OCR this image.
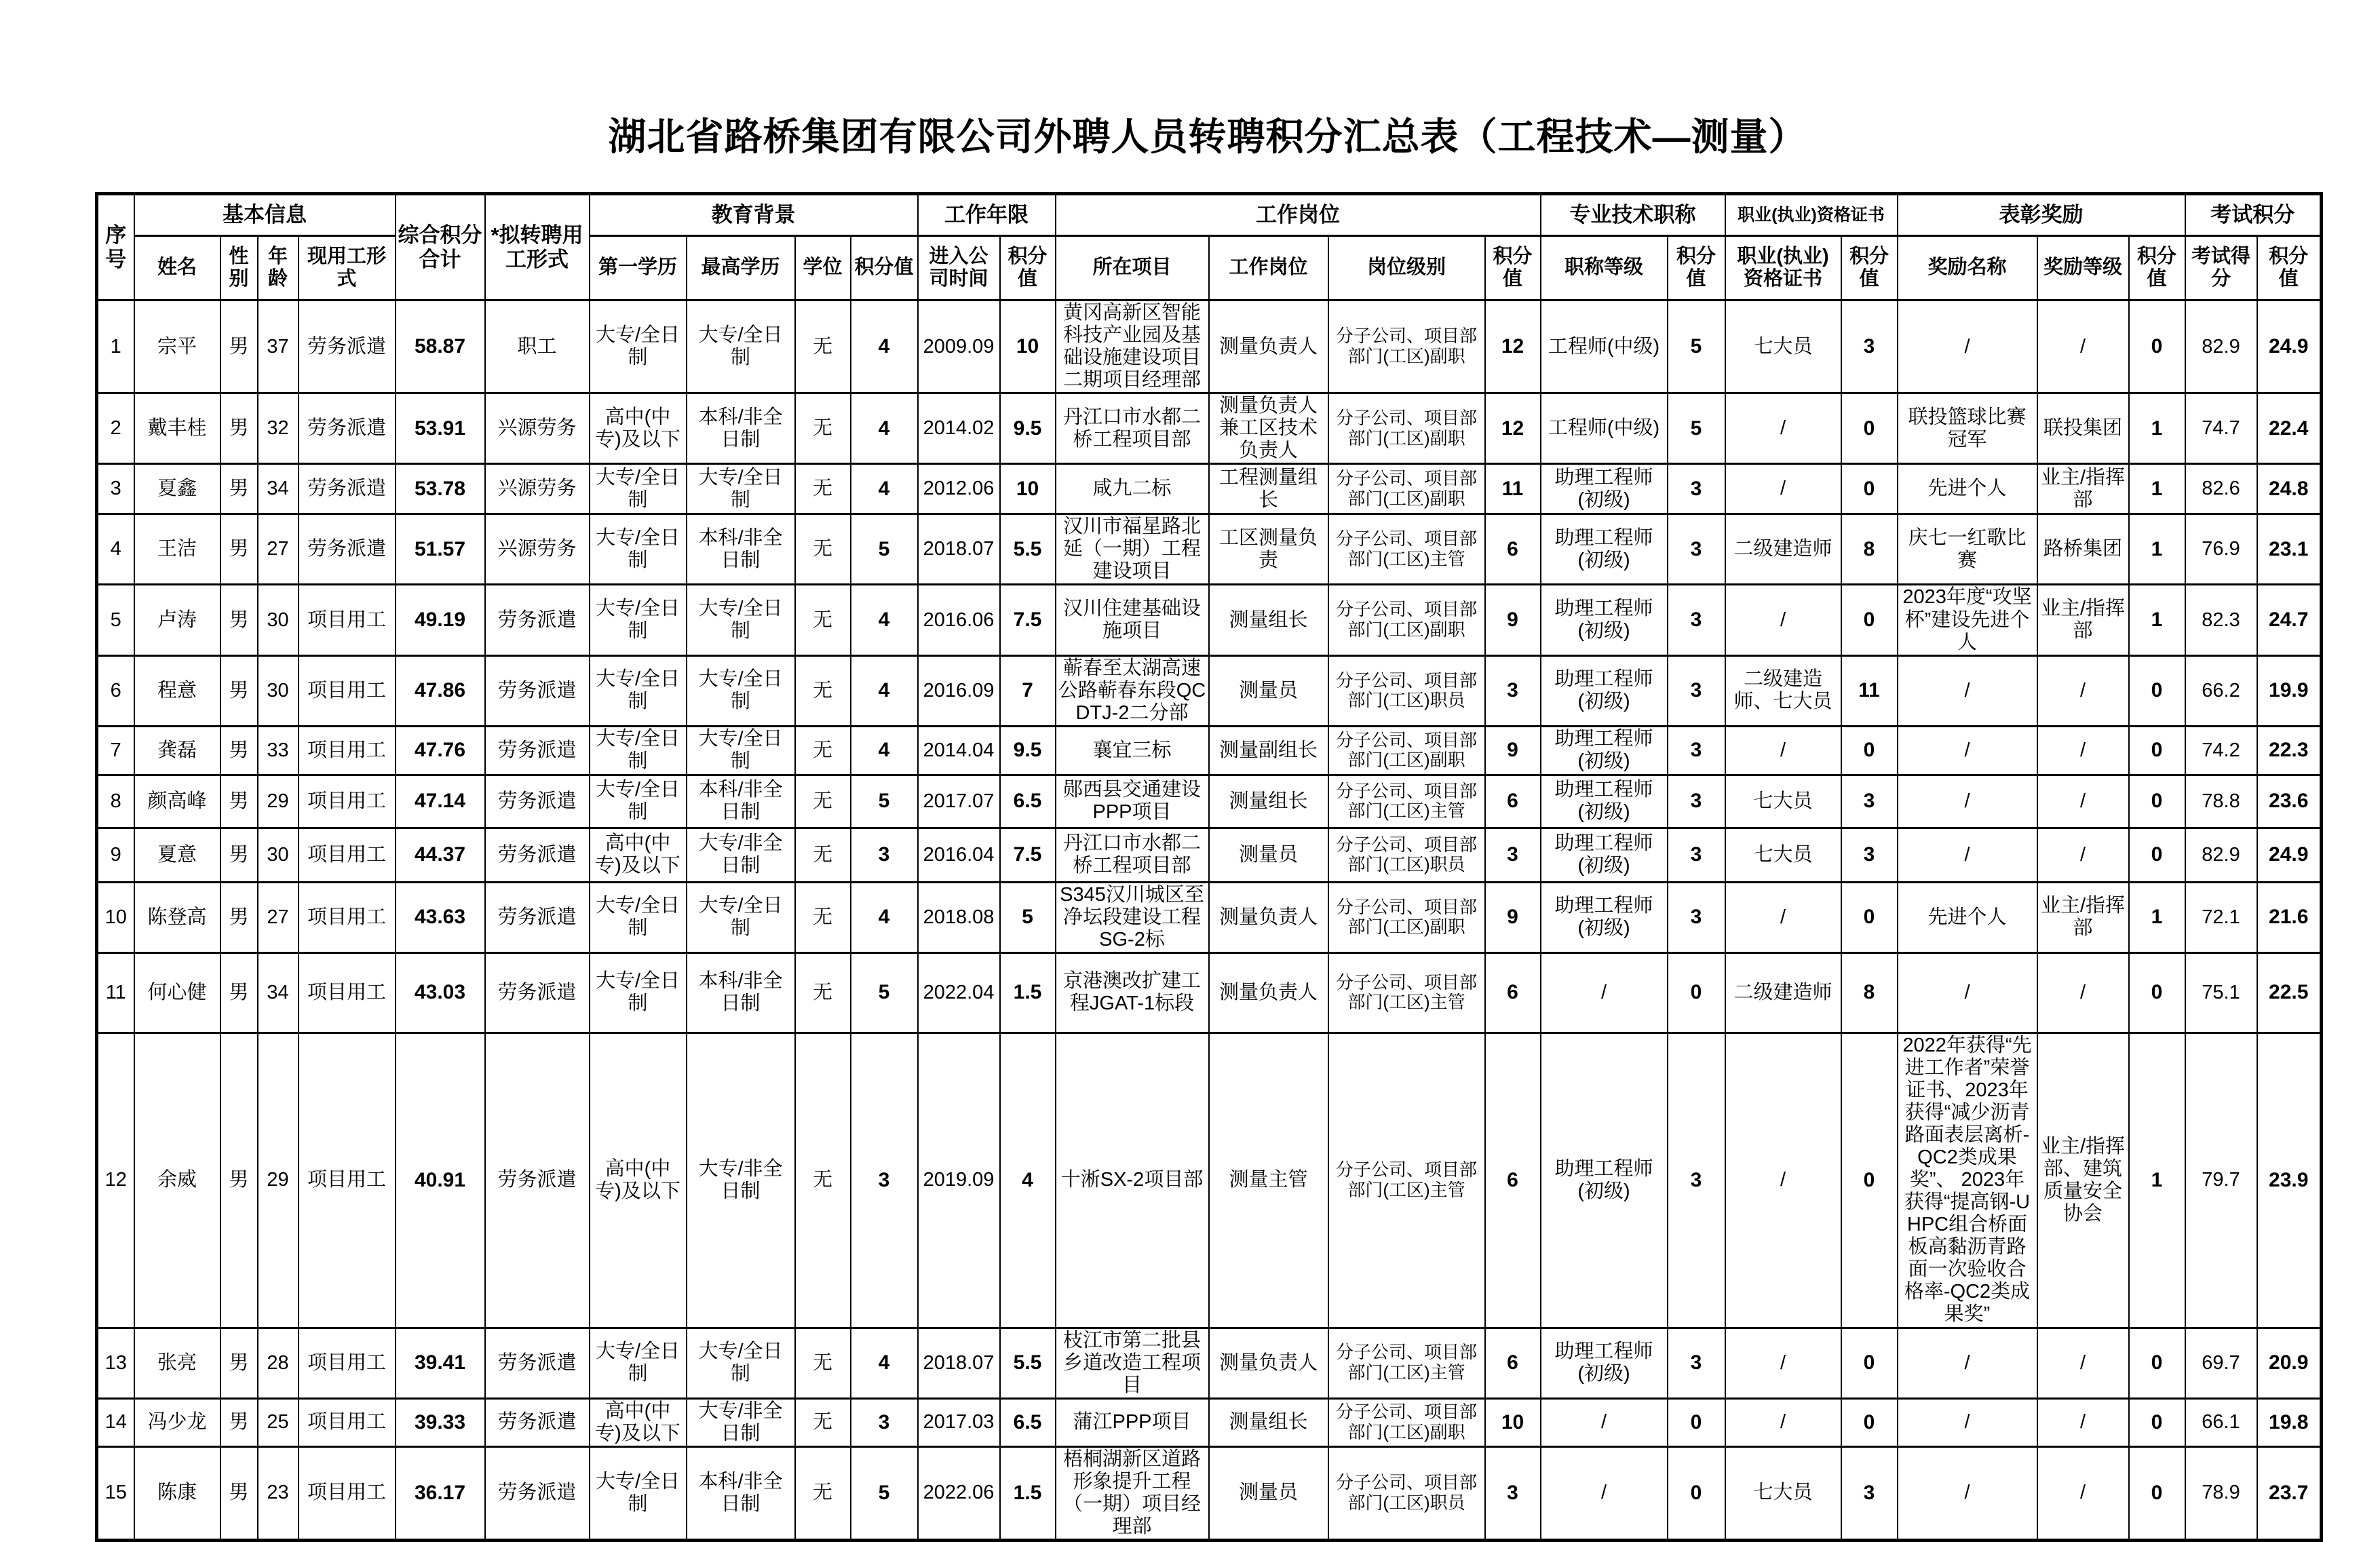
湖北省路桥集团有限公司外聘人员转聘积分汇总表（工程技术—测量）
序号	基本信息				综合积分合计	*拟转聘用工形式	教育背景				工作年限		工作岗位				专业技术职称		职业(执业)资格证书		表彰奖励			考试积分	
	姓名	性别	年龄	现用工形式			第一学历	最高学历	学位	积分值	进入公司时间	积分值	所在项目	工作岗位	岗位级别	积分值	职称等级	积分值	职业(执业)资格证书	积分值	奖励名称	奖励等级	积分值	考试得分	积分值
1	宗平	男	37	劳务派遣	58.87	职工	大专/全日制	大专/全日制	无	4	2009.09	10	黄冈高新区智能科技产业园及基础设施建设项目二期项目经理部	测量负责人	分子公司、项目部部门(工区)副职	12	工程师(中级)	5	七大员	3	/	/	0	82.9	24.9
2	戴丰桂	男	32	劳务派遣	53.91	兴源劳务	高中(中专)及以下	本科/非全日制	无	4	2014.02	9.5	丹江口市水都二桥工程项目部	测量负责人兼工区技术负责人	分子公司、项目部部门(工区)副职	12	工程师(中级)	5	/	0	联投篮球比赛冠军	联投集团	1	74.7	22.4
3	夏鑫	男	34	劳务派遣	53.78	兴源劳务	大专/全日制	大专/全日制	无	4	2012.06	10	咸九二标	工程测量组长	分子公司、项目部部门(工区)副职	11	助理工程师(初级)	3	/	0	先进个人	业主/指挥部	1	82.6	24.8
4	王洁	男	27	劳务派遣	51.57	兴源劳务	大专/全日制	本科/非全日制	无	5	2018.07	5.5	汉川市福星路北延（一期）工程建设项目	工区测量负责	分子公司、项目部部门(工区)主管	6	助理工程师(初级)	3	二级建造师	8	庆七一红歌比赛	路桥集团	1	76.9	23.1
5	卢涛	男	30	项目用工	49.19	劳务派遣	大专/全日制	大专/全日制	无	4	2016.06	7.5	汉川住建基础设施项目	测量组长	分子公司、项目部部门(工区)副职	9	助理工程师(初级)	3	/	0	2023年度“攻坚杯”建设先进个人	业主/指挥部	1	82.3	24.7
6	程意	男	30	项目用工	47.86	劳务派遣	大专/全日制	大专/全日制	无	4	2016.09	7	蕲春至太湖高速公路蕲春东段QCDTJ-2二分部	测量员	分子公司、项目部部门(工区)职员	3	助理工程师(初级)	3	二级建造师、七大员	11	/	/	0	66.2	19.9
7	龚磊	男	33	项目用工	47.76	劳务派遣	大专/全日制	大专/全日制	无	4	2014.04	9.5	襄宜三标	测量副组长	分子公司、项目部部门(工区)副职	9	助理工程师(初级)	3	/	0	/	/	0	74.2	22.3
8	颜高峰	男	29	项目用工	47.14	劳务派遣	大专/全日制	本科/非全日制	无	5	2017.07	6.5	郧西县交通建设PPP项目	测量组长	分子公司、项目部部门(工区)主管	6	助理工程师(初级)	3	七大员	3	/	/	0	78.8	23.6
9	夏意	男	30	项目用工	44.37	劳务派遣	高中(中专)及以下	大专/非全日制	无	3	2016.04	7.5	丹江口市水都二桥工程项目部	测量员	分子公司、项目部部门(工区)职员	3	助理工程师(初级)	3	七大员	3	/	/	0	82.9	24.9
10	陈登高	男	27	项目用工	43.63	劳务派遣	大专/全日制	大专/全日制	无	4	2018.08	5	S345汉川城区至净坛段建设工程SG-2标	测量负责人	分子公司、项目部部门(工区)副职	9	助理工程师(初级)	3	/	0	先进个人	业主/指挥部	1	72.1	21.6
11	何心健	男	34	项目用工	43.03	劳务派遣	大专/全日制	本科/非全日制	无	5	2022.04	1.5	京港澳改扩建工程JGAT-1标段	测量负责人	分子公司、项目部部门(工区)主管	6	/	0	二级建造师	8	/	/	0	75.1	22.5
12	余威	男	29	项目用工	40.91	劳务派遣	高中(中专)及以下	大专/非全日制	无	3	2019.09	4	十淅SX-2项目部	测量主管	分子公司、项目部部门(工区)主管	6	助理工程师(初级)	3	/	0	2022年获得“先进工作者”荣誉证书、2023年获得“减少沥青路面表层离析-QC2类成果奖”、 2023年获得“提高钢-UHPC组合桥面板高黏沥青路面一次验收合格率-QC2类成果奖”	业主/指挥部、建筑质量安全协会	1	79.7	23.9
13	张亮	男	28	项目用工	39.41	劳务派遣	大专/全日制	大专/全日制	无	4	2018.07	5.5	枝江市第二批县乡道改造工程项目	测量负责人	分子公司、项目部部门(工区)主管	6	助理工程师(初级)	3	/	0	/	/	0	69.7	20.9
14	冯少龙	男	25	项目用工	39.33	劳务派遣	高中(中专)及以下	大专/非全日制	无	3	2017.03	6.5	蒲江PPP项目	测量组长	分子公司、项目部部门(工区)副职	10	/	0	/	0	/	/	0	66.1	19.8
15	陈康	男	23	项目用工	36.17	劳务派遣	大专/全日制	本科/非全日制	无	5	2022.06	1.5	梧桐湖新区道路形象提升工程（一期）项目经理部	测量员	分子公司、项目部部门(工区)职员	3	/	0	七大员	3	/	/	0	78.9	23.7
